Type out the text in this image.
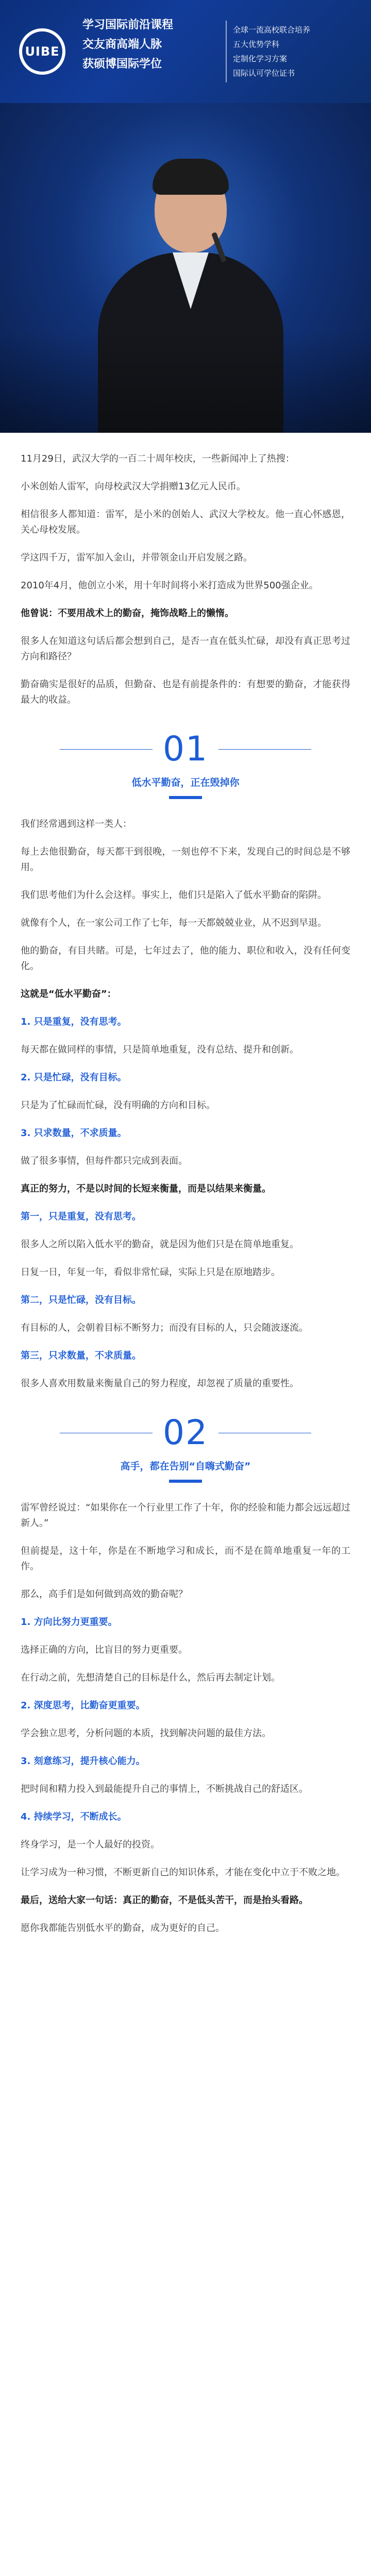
UIBE
学习国际前沿课程
交友商高端人脉
获硕博国际学位
全球一流高校联合培养
五大优势学科
定制化学习方案
国际认可学位证书

11月29日，武汉大学的一百二十周年校庆，一些新闻冲上了热搜：

小米创始人雷军，向母校武汉大学捐赠13亿元人民币。

相信很多人都知道：雷军，是小米的创始人、武汉大学校友。他一直心怀感恩，关心母校发展。

学这四千万，雷军加入金山，并带领金山开启发展之路。

2010年4月，他创立小米，用十年时间将小米打造成为世界500强企业。

他曾说：不要用战术上的勤奋，掩饰战略上的懒惰。

很多人在知道这句话后都会想到自己，是否一直在低头忙碌，却没有真正思考过方向和路径？

勤奋确实是很好的品质，但勤奋、也是有前提条件的：有想要的勤奋，才能获得最大的收益。

01
低水平勤奋，正在毁掉你

我们经常遇到这样一类人：

每上去他很勤奋，每天都干到很晚，一刻也停不下来，发现自己的时间总是不够用。

我们思考他们为什么会这样。事实上，他们只是陷入了低水平勤奋的陷阱。

就像有个人，在一家公司工作了七年，每一天都兢兢业业，从不迟到早退。

他的勤奋，有目共睹。可是，七年过去了，他的能力、职位和收入，没有任何变化。

这就是“低水平勤奋”：

1. 只是重复，没有思考。

每天都在做同样的事情，只是简单地重复，没有总结、提升和创新。

2. 只是忙碌，没有目标。

只是为了忙碌而忙碌，没有明确的方向和目标。

3. 只求数量，不求质量。

做了很多事情，但每件都只完成到表面。

真正的努力，不是以时间的长短来衡量，而是以结果来衡量。

第一，只是重复，没有思考。

很多人之所以陷入低水平的勤奋，就是因为他们只是在简单地重复。

日复一日，年复一年，看似非常忙碌，实际上只是在原地踏步。

第二，只是忙碌，没有目标。

有目标的人，会朝着目标不断努力；而没有目标的人，只会随波逐流。

第三，只求数量，不求质量。

很多人喜欢用数量来衡量自己的努力程度，却忽视了质量的重要性。

02
高手，都在告别“自嗨式勤奋”

雷军曾经说过：“如果你在一个行业里工作了十年，你的经验和能力都会远远超过新人。”

但前提是，这十年，你是在不断地学习和成长，而不是在简单地重复一年的工作。

那么，高手们是如何做到高效的勤奋呢？

1. 方向比努力更重要。

选择正确的方向，比盲目的努力更重要。

在行动之前，先想清楚自己的目标是什么，然后再去制定计划。

2. 深度思考，比勤奋更重要。

学会独立思考，分析问题的本质，找到解决问题的最佳方法。

3. 刻意练习，提升核心能力。

把时间和精力投入到最能提升自己的事情上，不断挑战自己的舒适区。

4. 持续学习，不断成长。

终身学习，是一个人最好的投资。

让学习成为一种习惯，不断更新自己的知识体系，才能在变化中立于不败之地。

最后，送给大家一句话：真正的勤奋，不是低头苦干，而是抬头看路。

愿你我都能告别低水平的勤奋，成为更好的自己。
